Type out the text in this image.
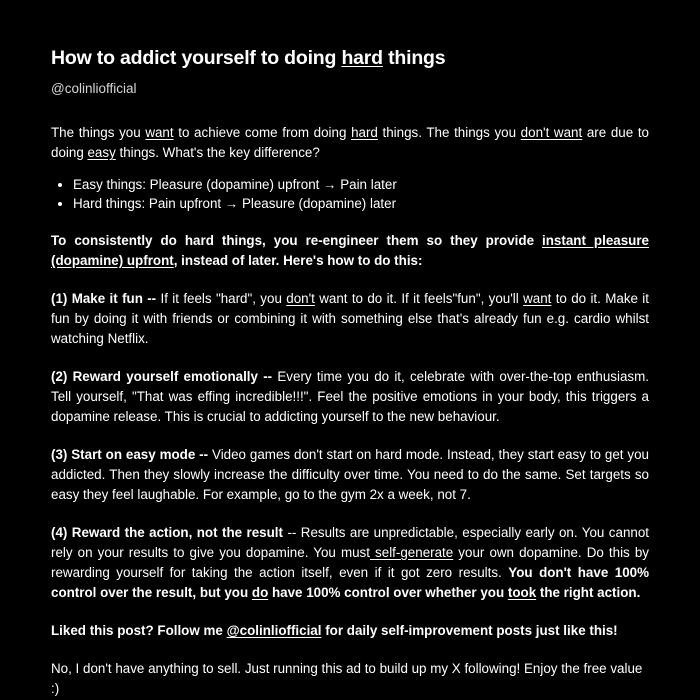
How to addict yourself to doing hard things
@colinliofficial

The things you want to achieve come from doing hard things. The things you don't want are due to doing easy things. What's the key difference?

• Easy things: Pleasure (dopamine) upfront → Pain later
• Hard things: Pain upfront → Pleasure (dopamine) later

To consistently do hard things, you re-engineer them so they provide instant pleasure (dopamine) upfront, instead of later. Here's how to do this:

(1) Make it fun -- If it feels "hard", you don't want to do it. If it feels"fun", you'll want to do it. Make it fun by doing it with friends or combining it with something else that's already fun e.g. cardio whilst watching Netflix.

(2) Reward yourself emotionally -- Every time you do it, celebrate with over-the-top enthusiasm. Tell yourself, "That was effing incredible!!!". Feel the positive emotions in your body, this triggers a dopamine release. This is crucial to addicting yourself to the new behaviour.

(3) Start on easy mode -- Video games don't start on hard mode. Instead, they start easy to get you addicted. Then they slowly increase the difficulty over time. You need to do the same. Set targets so easy they feel laughable. For example, go to the gym 2x a week, not 7.

(4) Reward the action, not the result -- Results are unpredictable, especially early on. You cannot rely on your results to give you dopamine. You must self-generate your own dopamine. Do this by rewarding yourself for taking the action itself, even if it got zero results. You don't have 100% control over the result, but you do have 100% control over whether you took the right action.

Liked this post? Follow me @colinliofficial for daily self-improvement posts just like this!

No, I don't have anything to sell. Just running this ad to build up my X following! Enjoy the free value :)
